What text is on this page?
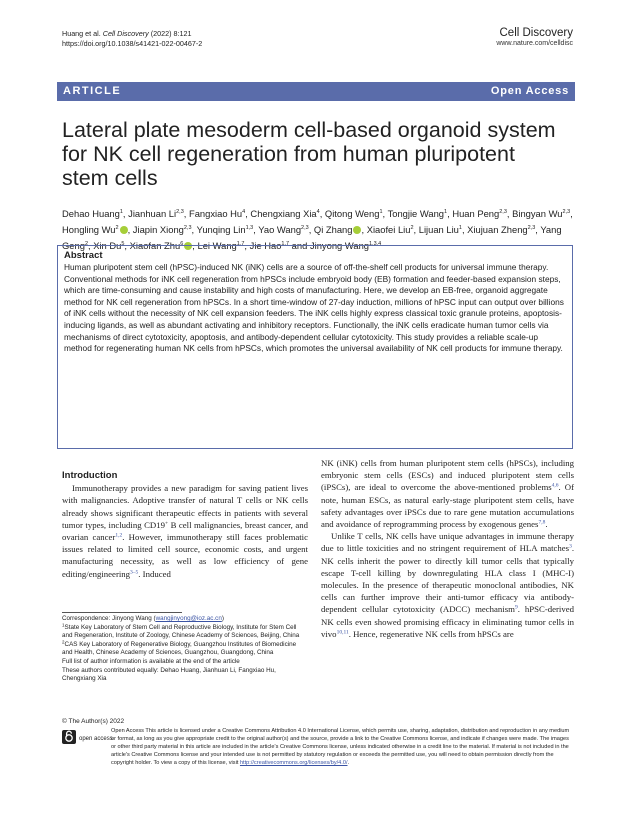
Huang et al. Cell Discovery (2022) 8:121
https://doi.org/10.1038/s41421-022-00467-2
Cell Discovery
www.nature.com/celldisc
ARTICLE	Open Access
Lateral plate mesoderm cell-based organoid system for NK cell regeneration from human pluripotent stem cells
Dehao Huang$^1$, Jianhuan Li$^{2,3}$, Fangxiao Hu$^4$, Chengxiang Xia$^4$, Qitong Weng$^1$, Tongjie Wang$^1$, Huan Peng$^{2,3}$, Bingyan Wu$^{2,3}$, Hongling Wu$^2$ , Jiapin Xiong$^{2,3}$, Yunqing Lin$^{1,3}$, Yao Wang$^{2,3}$, Qi Zhang , Xiaofei Liu$^2$, Lijuan Liu$^1$, Xiujuan Zheng$^{2,3}$, Yang Geng$^2$, Xin Du$^5$, Xiaofan Zhu$^6$ , Lei Wang$^{1,7}$, Jie Hao$^{1,7}$ and Jinyong Wang$^{1,3,4}$
Abstract
Human pluripotent stem cell (hPSC)-induced NK (iNK) cells are a source of off-the-shelf cell products for universal immune therapy. Conventional methods for iNK cell regeneration from hPSCs include embryoid body (EB) formation and feeder-based expansion steps, which are time-consuming and cause instability and high costs of manufacturing. Here, we develop an EB-free, organoid aggregate method for NK cell regeneration from hPSCs. In a short time-window of 27-day induction, millions of hPSC input can output over billions of iNK cells without the necessity of NK cell expansion feeders. The iNK cells highly express classical toxic granule proteins, apoptosis-inducing ligands, as well as abundant activating and inhibitory receptors. Functionally, the iNK cells eradicate human tumor cells via mechanisms of direct cytotoxicity, apoptosis, and antibody-dependent cellular cytotoxicity. This study provides a reliable scale-up method for regenerating human NK cells from hPSCs, which promotes the universal availability of NK cell products for immune therapy.
Introduction

Immunotherapy provides a new paradigm for saving patient lives with malignancies. Adoptive transfer of natural T cells or NK cells already shows significant therapeutic effects in patients with several tumor types, including CD19+ B cell malignancies, breast cancer, and ovarian cancer$^{1,2}$. However, immunotherapy still faces problematic issues related to limited cell source, economic costs, and urgent manufacturing necessity, as well as low efficiency of gene editing/engineering$^{3-5}$. Induced

NK (iNK) cells from human pluripotent stem cells (hPSCs), including embryonic stem cells (ESCs) and induced pluripotent stem cells (iPSCs), are ideal to overcome the above-mentioned problems$^{4,6}$. Of note, human ESCs, as natural early-stage pluripotent stem cells, have safety advantages over iPSCs due to rare gene mutation accumulations and avoidance of reprogramming process by exogenous genes$^{7,8}$.

Unlike T cells, NK cells have unique advantages in immune therapy due to little toxicities and no stringent requirement of HLA matches$^3$. NK cells inherit the power to directly kill tumor cells that typically escape T-cell killing by downregulating HLA class I (MHC-I) molecules. In the presence of therapeutic monoclonal antibodies, NK cells can further improve their anti-tumor efficacy via antibody-dependent cellular cytotoxicity (ADCC) mechanism$^9$. hPSC-derived NK cells even showed promising efficacy in eliminating tumor cells in vivo$^{10,11}$. Hence, regenerative NK cells from hPSCs are

Correspondence: Jinyong Wang (wangjinyong@ioz.ac.cn)
$^1$State Key Laboratory of Stem Cell and Reproductive Biology, Institute for Stem Cell and Regeneration, Institute of Zoology, Chinese Academy of Sciences, Beijing, China
$^2$CAS Key Laboratory of Regenerative Biology, Guangzhou Institutes of Biomedicine and Health, Chinese Academy of Sciences, Guangzhou, Guangdong, China
Full list of author information is available at the end of the article
These authors contributed equally: Dehao Huang, Jianhuan Li, Fangxiao Hu, Chengxiang Xia
© The Author(s) 2022
open access
Open Access This article is licensed under a Creative Commons Attribution 4.0 International License, which permits use, sharing, adaptation, distribution and reproduction in any medium or format, as long as you give appropriate credit to the original author(s) and the source, provide a link to the Creative Commons license, and indicate if changes were made. The images or other third party material in this article are included in the article's Creative Commons license, unless indicated otherwise in a credit line to the material. If material is not included in the article's Creative Commons license and your intended use is not permitted by statutory regulation or exceeds the permitted use, you will need to obtain permission directly from the copyright holder. To view a copy of this license, visit http://creativecommons.org/licenses/by/4.0/.
